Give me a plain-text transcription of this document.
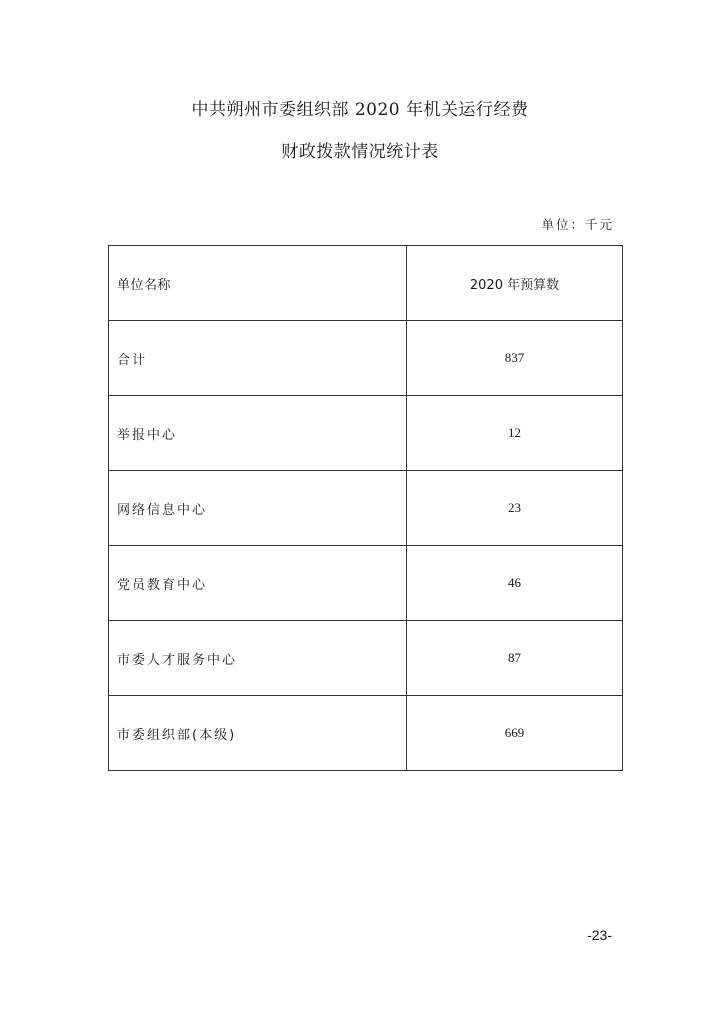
中共朔州市委组织部 2020 年机关运行经费
财政拨款情况统计表
单位：千元
单位名称	2020 年预算数
合计	837
举报中心	12
网络信息中心	23
党员教育中心	46
市委人才服务中心	87
市委组织部(本级)	669
-23-
